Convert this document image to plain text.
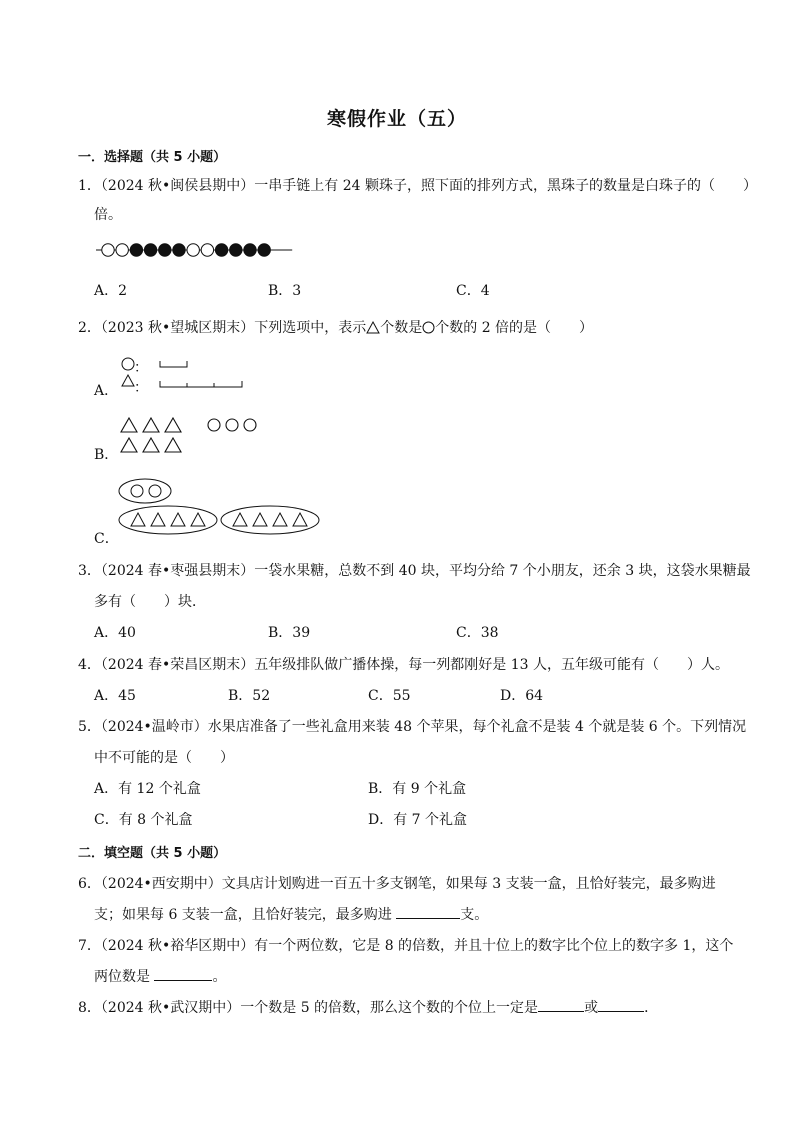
寒假作业（五）
一．选择题（共 5 小题）
1．（2024 秋•闽侯县期中）一串手链上有 24 颗珠子，照下面的排列方式，黑珠子的数量是白珠子的（　　）
倍。
A．2	B．3	C．4
2．（2023 秋•望城区期末）下列选项中，表示 个数是 个数的 2 倍的是（　　）
A．
：
：
B．
C．
3．（2024 春•枣强县期末）一袋水果糖，总数不到 40 块，平均分给 7 个小朋友，还余 3 块，这袋水果糖最
多有（　　）块．
A．40	B．39	C．38
4．（2024 春•荣昌区期末）五年级排队做广播体操，每一列都刚好是 13 人，五年级可能有（　　）人。
A．45	B．52	C．55	D．64
5．（2024•温岭市）水果店准备了一些礼盒用来装 48 个苹果，每个礼盒不是装 4 个就是装 6 个。下列情况
中不可能的是（　　）
A．有 12 个礼盒	B．有 9 个礼盒
C．有 8 个礼盒	D．有 7 个礼盒
二．填空题（共 5 小题）
6．（2024•西安期中）文具店计划购进一百五十多支钢笔，如果每 3 支装一盒，且恰好装完，最多购进
支；如果每 6 支装一盒，且恰好装完，最多购进	支。
7．（2024 秋•裕华区期中）有一个两位数，它是 8 的倍数，并且十位上的数字比个位上的数字多 1，这个
两位数是	。
8．（2024 秋•武汉期中）一个数是 5 的倍数，那么这个数的个位上一定是	或	．
